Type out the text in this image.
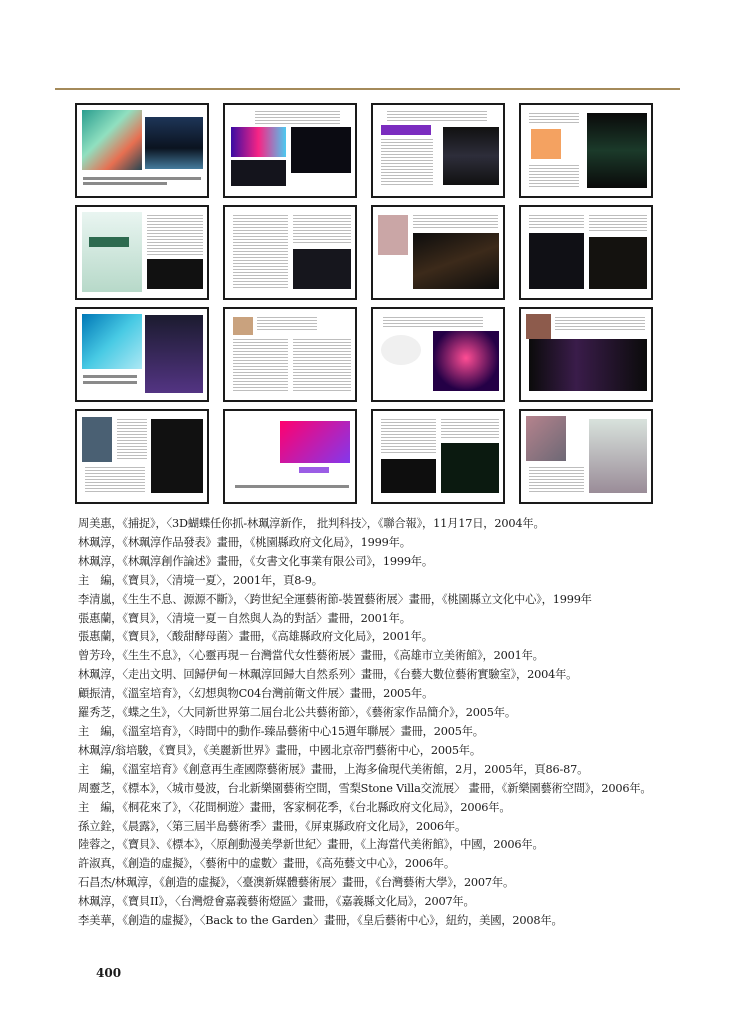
周美惠，《捕捉》，〈3D蝴蝶任你抓-林珮淳新作， 批判科技〉，《聯合報》，11月17日，2004年。
林珮淳，《林珮淳作品發表》畫冊，《桃園縣政府文化局》，1999年。
林珮淳，《林珮淳創作論述》畫冊，《女書文化事業有限公司》，1999年。
主　編，《寶貝》，〈清境一夏〉，2001年，頁8-9。
李清嵐，《生生不息、源源不斷》，〈跨世紀全運藝術節-裝置藝術展〉畫冊，《桃園縣立文化中心》，1999年
張惠蘭，《寶貝》，〈清境一夏－自然與人為的對話〉畫冊，2001年。
張惠蘭，《寶貝》，〈酸甜酵母菌〉畫冊，《高雄縣政府文化局》，2001年。
曾芳玲，《生生不息》，〈心靈再現－台灣當代女性藝術展〉畫冊，《高雄市立美術館》，2001年。
林珮淳，〈走出文明、回歸伊甸－林珮淳回歸大自然系列〉畫冊，《台藝大數位藝術實驗室》，2004年。
顧振清，《溫室培育》，〈幻想與物C04台灣前衛文件展〉畫冊，2005年。
羅秀芝，《蝶之生》，〈大同新世界第二屆台北公共藝術節〉，《藝術家作品簡介》，2005年。
主　編，《溫室培育》，〈時間中的動作-臻品藝術中心15週年聯展〉畫冊，2005年。
林珮淳/翁培駿，《寶貝》，《美麗新世界》畫冊，中國北京帝門藝術中心，2005年。
主　編，《溫室培育》《創意再生產國際藝術展》畫冊，上海多倫現代美術館，2月，2005年，頁86-87。
周靈芝，《標本》，〈城市曼波，台北新樂園藝術空間，雪梨Stone Villa交流展〉 畫冊，《新樂園藝術空間》，2006年。
主　編，《桐花來了》，〈花間桐遊〉畫冊，客家桐花季，《台北縣政府文化局》，2006年。
孫立銓，《晨露》，〈第三屆半島藝術季〉畫冊，《屏東縣政府文化局》，2006年。
陸蓉之，《寶貝》、《標本》，〈原創動漫美學新世紀〉畫冊，《上海當代美術館》，中國，2006年。
許淑真，《創造的虛擬》，〈藝術中的虛數〉畫冊，《高苑藝文中心》，2006年。
石昌杰/林珮淳，《創造的虛擬》，〈臺澳新媒體藝術展〉畫冊，《台灣藝術大學》，2007年。
林珮淳，《寶貝II》，〈台灣燈會嘉義藝術燈區〉畫冊，《嘉義縣文化局》，2007年。
李美華，《創造的虛擬》，〈Back to the Garden〉畫冊，《皇后藝術中心》，紐約，美國，2008年。
400
